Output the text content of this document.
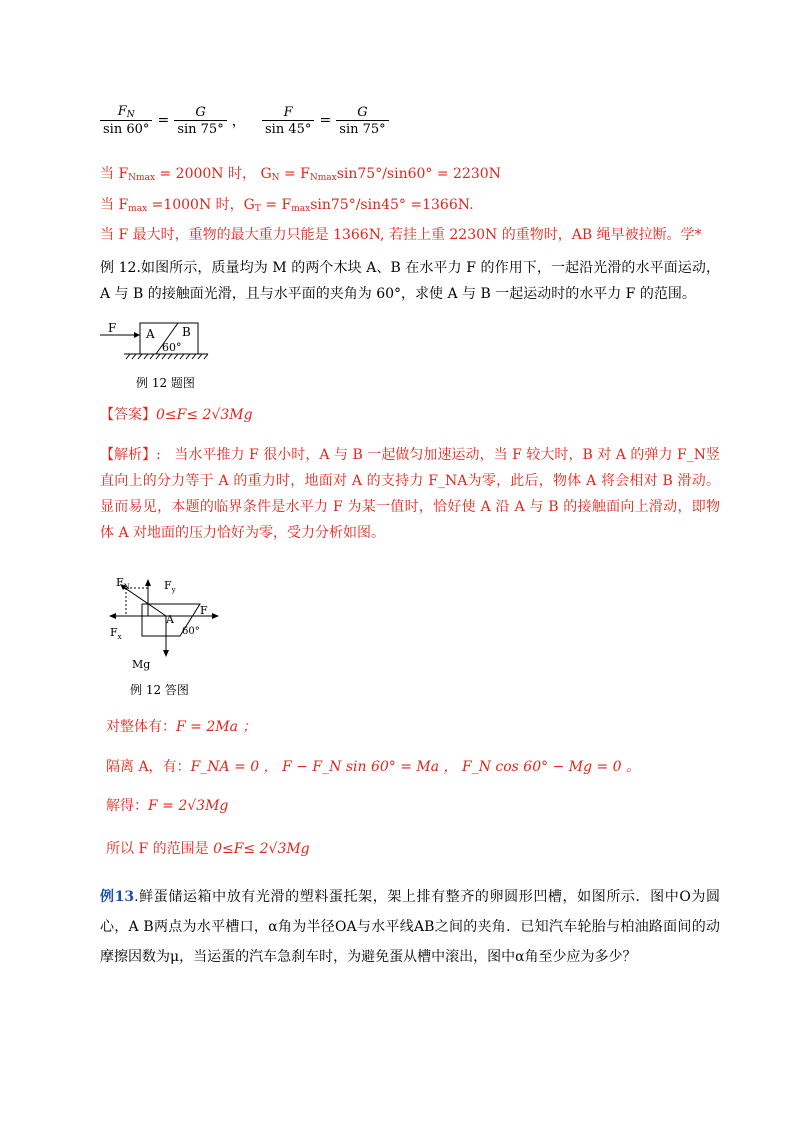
$\frac{F_N}{\sin 60^\circ} = \frac{G}{\sin 75^\circ}$ ， $\frac{F}{\sin 45^\circ} = \frac{G}{\sin 75^\circ}$
当 $F_{Nmax} = 2000N$ 时， $G_N = F_{Nmax}\sin 75^\circ/\sin 60^\circ = 2230N$
当 $F_{max} =1000N$ 时，$G_T = F_{max}\sin 75^\circ/\sin 45^\circ =1366N$.
当 F 最大时，重物的最大重力只能是 1366N, 若挂上重 2230N 的重物时，AB 绳早被拉断。学*
例 12.如图所示，质量均为 M 的两个木块 A、B 在水平力 F 的作用下，一起沿光滑的水平面运动，A 与 B 的接触面光滑，且与水平面的夹角为 60°，求使 A 与 B 一起运动时的水平力 F 的范围。
F A B
60°
例 12 题图
【答案】0≤F≤ 2√3Mg
【解析】: 当水平推力 F 很小时，A 与 B 一起做匀加速运动，当 F 较大时，B 对 A 的弹力 F_N竖直向上的分力等于 A 的重力时，地面对 A 的支持力 F_NA为零，此后，物体 A 将会相对 B 滑动。显而易见，本题的临界条件是水平力 F 为某一值时，恰好使 A 沿 A 与 B 的接触面向上滑动，即物体 A 对地面的压力恰好为零，受力分析如图。
$F_N$	$F_y$
$F_x$
F
A
60°
Mg
例 12 答图
对整体有：F = 2Ma ；
隔离 A，有：F_NA = 0 ， F − F_N sin 60° = Ma ， F_N cos 60° − Mg = 0 。
解得：F = 2√3Mg
所以 F 的范围是 0≤F≤ 2√3Mg
例13.鲜蛋储运箱中放有光滑的塑料蛋托架，架上排有整齐的卵圆形凹槽，如图所示．图中O为圆心，A B两点为水平槽口，α角为半径OA与水平线AB之间的夹角．已知汽车轮胎与柏油路面间的动摩擦因数为μ，当运蛋的汽车急刹车时，为避免蛋从槽中滚出，图中α角至少应为多少？
